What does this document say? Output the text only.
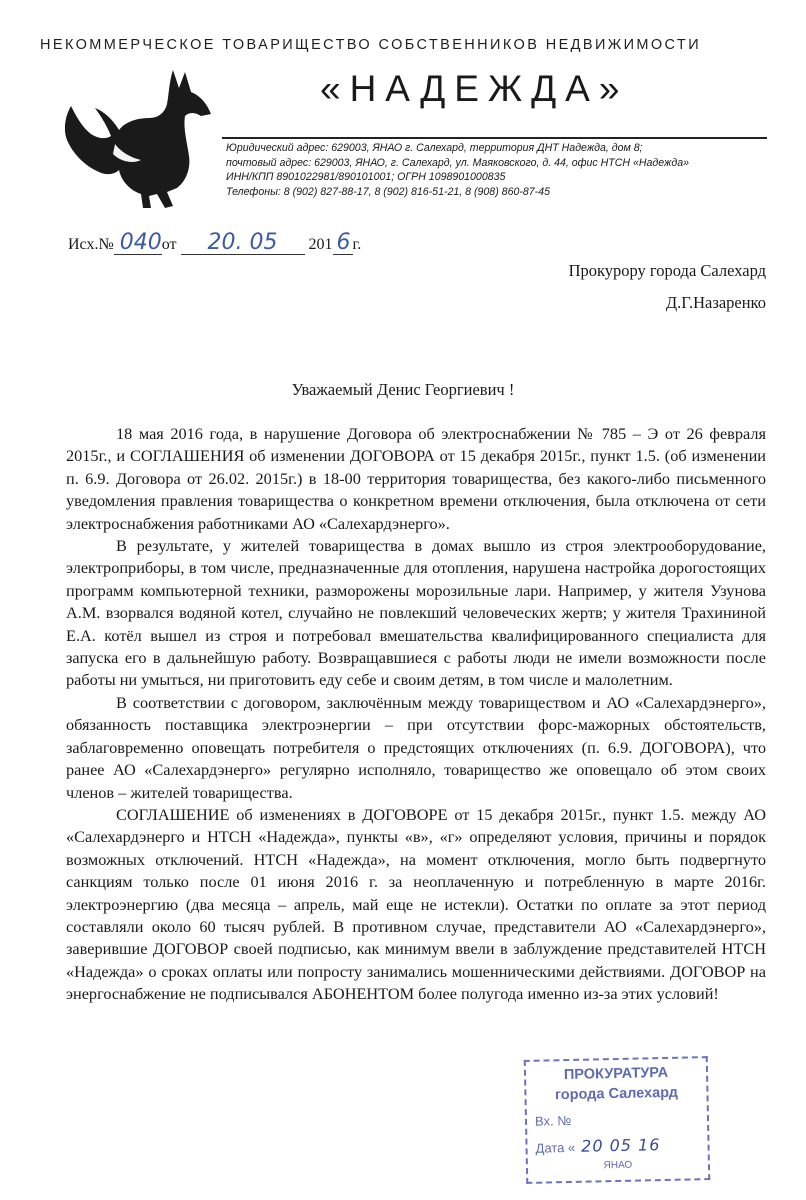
НЕКОММЕРЧЕСКОЕ ТОВАРИЩЕСТВО СОБСТВЕННИКОВ НЕДВИЖИМОСТИ
«НАДЕЖДА»
Юридический адрес: 629003, ЯНАО г. Салехард, территория ДНТ Надежда, дом 8;
почтовый адрес: 629003, ЯНАО, г. Салехард, ул. Маяковского, д. 44, офис НТСН «Надежда»
ИНН/КПП 8901022981/890101001; ОГРН 1098901000835
Телефоны: 8 (902) 827-88-17, 8 (902) 816-51-21, 8 (908) 860-87-45
Исх.№ 040от 20. 05 201 6 г.
Прокурору города Салехард
Д.Г.Назаренко
Уважаемый Денис Георгиевич !

18 мая 2016 года, в нарушение Договора об электроснабжении № 785 – Э от 26 февраля 2015г., и СОГЛАШЕНИЯ об изменении ДОГОВОРА от 15 декабря 2015г., пункт 1.5. (об изменении п. 6.9. Договора от 26.02. 2015г.) в 18-00 территория товарищества, без какого-либо письменного уведомления правления товарищества о конкретном времени отключения, была отключена от сети электроснабжения работниками АО «Салехардэнерго».

В результате, у жителей товарищества в домах вышло из строя электрооборудование, электроприборы, в том числе, предназначенные для отопления, нарушена настройка дорогостоящих программ компьютерной техники, разморожены морозильные лари. Например, у жителя Узунова А.М. взорвался водяной котел, случайно не повлекший человеческих жертв; у жителя Трахининой Е.А. котёл вышел из строя и потребовал вмешательства квалифицированного специалиста для запуска его в дальнейшую работу. Возвращавшиеся с работы люди не имели возможности после работы ни умыться, ни приготовить еду себе и своим детям, в том числе и малолетним.

В соответствии с договором, заключённым между товариществом и АО «Салехардэнерго», обязанность поставщика электроэнергии – при отсутствии форс-мажорных обстоятельств, заблаговременно оповещать потребителя о предстоящих отключениях (п. 6.9. ДОГОВОРА), что ранее АО «Салехардэнерго» регулярно исполняло, товарищество же оповещало об этом своих членов – жителей товарищества.

СОГЛАШЕНИЕ об изменениях в ДОГОВОРЕ от 15 декабря 2015г., пункт 1.5. между АО «Салехардэнерго и НТСН «Надежда», пункты «в», «г» определяют условия, причины и порядок возможных отключений. НТСН «Надежда», на момент отключения, могло быть подвергнуто санкциям только после 01 июня 2016 г. за неоплаченную и потребленную в марте 2016г. электроэнергию (два месяца – апрель, май еще не истекли). Остатки по оплате за этот период составляли около 60 тысяч рублей. В противном случае, представители АО «Салехардэнерго», заверившие ДОГОВОР своей подписью, как минимум ввели в заблуждение представителей НТСН «Надежда» о сроках оплаты или попросту занимались мошенническими действиями. ДОГОВОР на энергоснабжение не подписывался АБОНЕНТОМ более полугода именно из-за этих условий!

ПРОКУРАТУРА
города Салехард
Вх. №
Дата « 20 05 16
ЯНАО
